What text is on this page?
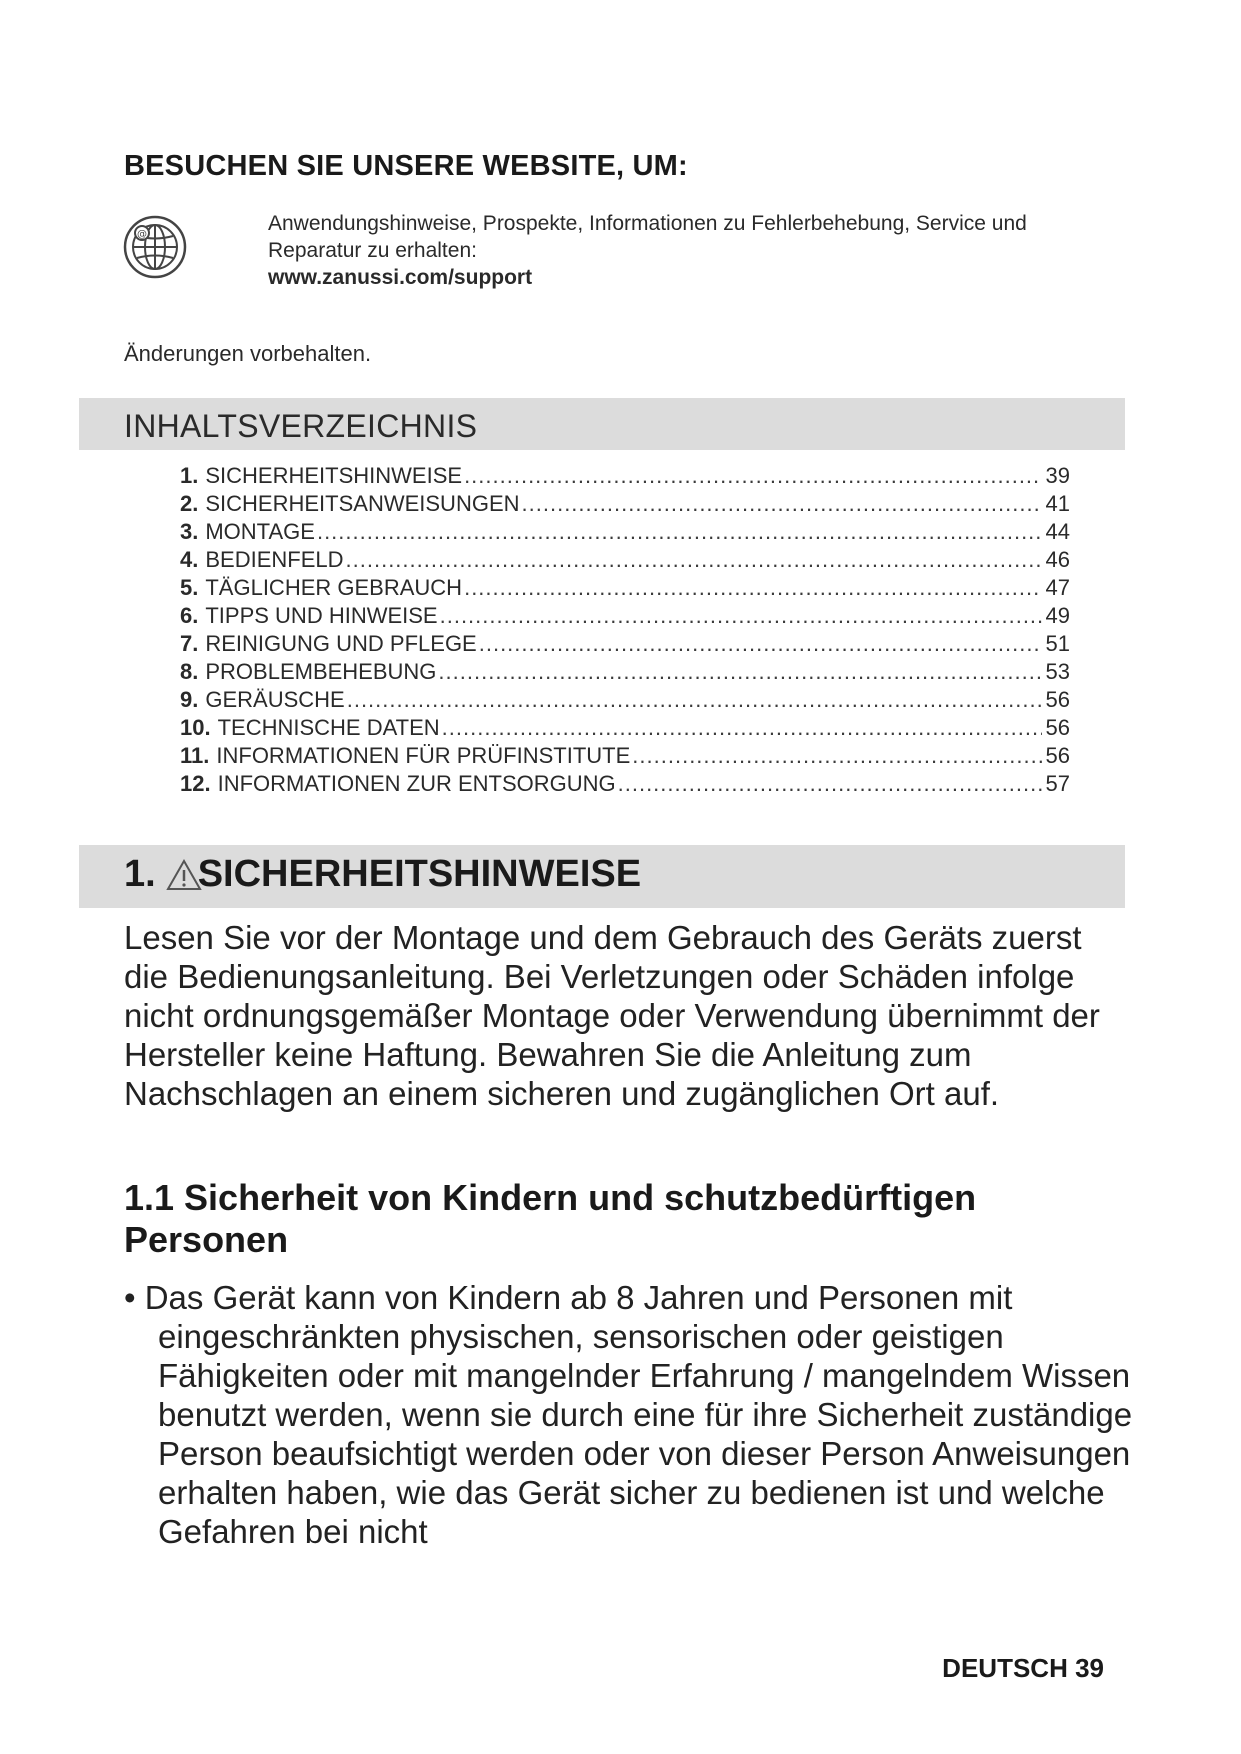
BESUCHEN SIE UNSERE WEBSITE, UM:
@	Anwendungshinweise, Prospekte, Informationen zu Fehlerbehebung, Service und Reparatur zu erhalten:
www.zanussi.com/support
Änderungen vorbehalten.
INHALTSVERZEICHNIS
1. SICHERHEITSHINWEISE .....	39
2. SICHERHEITSANWEISUNGEN .....	41
3. MONTAGE .....	44
4. BEDIENFELD .....	46
5. TÄGLICHER GEBRAUCH .....	47
6. TIPPS UND HINWEISE .....	49
7. REINIGUNG UND PFLEGE .....	51
8. PROBLEMBEHEBUNG .....	53
9. GERÄUSCHE .....	56
10. TECHNISCHE DATEN .....	56
11. INFORMATIONEN FÜR PRÜFINSTITUTE .....	56
12. INFORMATIONEN ZUR ENTSORGUNG .....	57
1. SICHERHEITSHINWEISE
Lesen Sie vor der Montage und dem Gebrauch des Geräts zuerst die Bedienungsanleitung. Bei Verletzungen oder Schäden infolge nicht ordnungsgemäßer Montage oder Verwendung übernimmt der Hersteller keine Haftung. Bewahren Sie die Anleitung zum Nachschlagen an einem sicheren und zugänglichen Ort auf.
1.1 Sicherheit von Kindern und schutzbedürftigen Personen
• Das Gerät kann von Kindern ab 8 Jahren und Personen mit eingeschränkten physischen, sensorischen oder geistigen Fähigkeiten oder mit mangelnder Erfahrung / mangelndem Wissen benutzt werden, wenn sie durch eine für ihre Sicherheit zuständige Person beaufsichtigt werden oder von dieser Person Anweisungen erhalten haben, wie das Gerät sicher zu bedienen ist und welche Gefahren bei nicht
DEUTSCH 39
